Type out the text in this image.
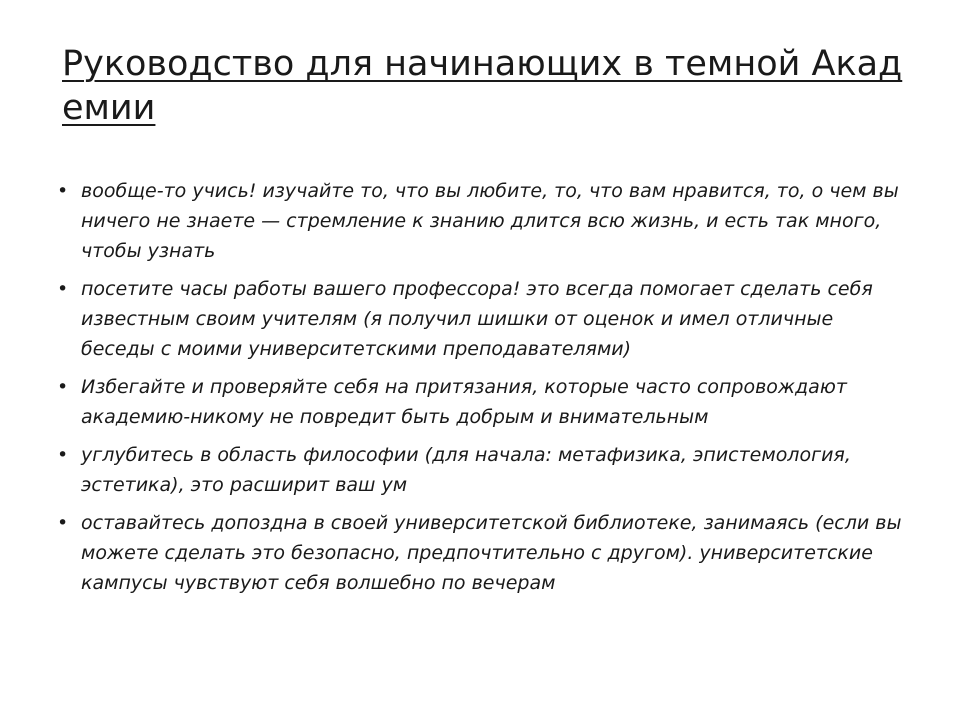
Руководство для начинающих в темной Академии
• вообще-то учись! изучайте то, что вы любите, то, что вам нравится, то, о чем вы ничего не знаете — стремление к знанию длится всю жизнь, и есть так много, чтобы узнать
• посетите часы работы вашего профессора! это всегда помогает сделать себя известным своим учителям (я получил шишки от оценок и имел отличные беседы с моими университетскими преподавателями)
• Избегайте и проверяйте себя на притязания, которые часто сопровождают академию-никому не повредит быть добрым и внимательным
• углубитесь в область философии (для начала: метафизика, эпистемология, эстетика), это расширит ваш ум
• оставайтесь допоздна в своей университетской библиотеке, занимаясь (если вы можете сделать это безопасно, предпочтительно с другом). университетские кампусы чувствуют себя волшебно по вечерам
